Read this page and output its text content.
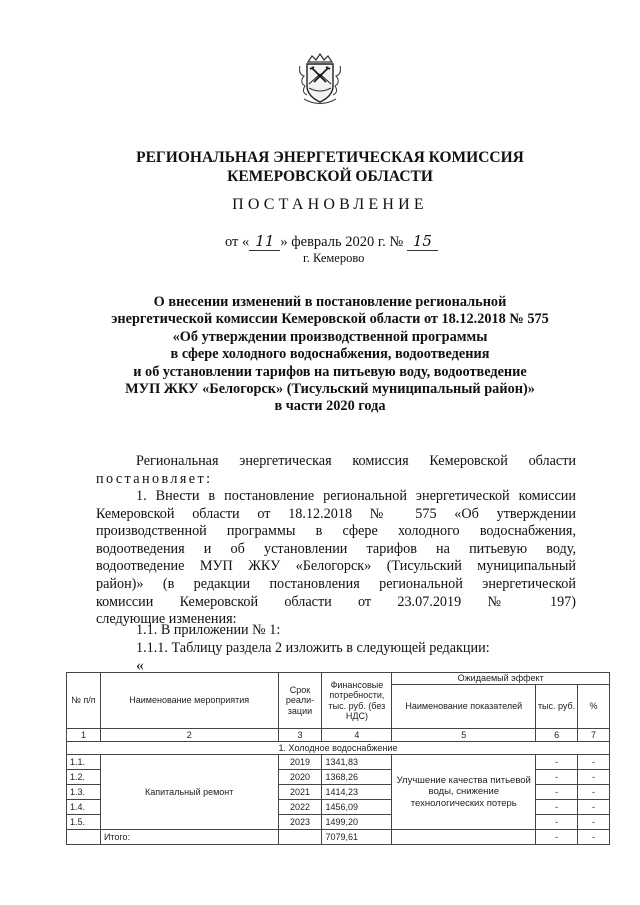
РЕГИОНАЛЬНАЯ ЭНЕРГЕТИЧЕСКАЯ КОМИССИЯ
КЕМЕРОВСКОЙ ОБЛАСТИ
ПОСТАНОВЛЕНИЕ
от « 11 » февраль 2020 г. № 15
г. Кемерово
О внесении изменений в постановление региональной
энергетической комиссии Кемеровской области от 18.12.2018 № 575
«Об утверждении производственной программы
в сфере холодного водоснабжения, водоотведения
и об установлении тарифов на питьевую воду, водоотведение
МУП ЖКУ «Белогорск» (Тисульский муниципальный район)»
в части 2020 года
Региональная энергетическая комиссия Кемеровской области
постановляет:
1. Внести в постановление региональной энергетической комиссии
Кемеровской области от 18.12.2018 № 575 «Об утверждении
производственной программы в сфере холодного водоснабжения,
водоотведения и об установлении тарифов на питьевую воду,
водоотведение МУП ЖКУ «Белогорск» (Тисульский муниципальный
район)» (в редакции постановления региональной энергетической
комиссии Кемеровской области от 23.07.2019 № 197)
следующие изменения:
1.1. В приложении № 1:
1.1.1. Таблицу раздела 2 изложить в следующей редакции:
«
№ п/п	Наименование мероприятия	Срок реали-зации	Финансовые потребности, тыс. руб. (без НДС)	Ожидаемый эффект		
				Наименование показателей	тыс. руб.	%
1	2	3	4	5	6	7
1. Холодное водоснабжение						
1.1.	Капитальный ремонт	2019	1341,83	Улучшение качества питьевой воды, снижение технологических потерь	-	-
1.2.		2020	1368,26		-	-
1.3.		2021	1414,23		-	-
1.4.		2022	1456,09		-	-
1.5.		2023	1499,20		-	-
	Итого:		7079,61		-	-
